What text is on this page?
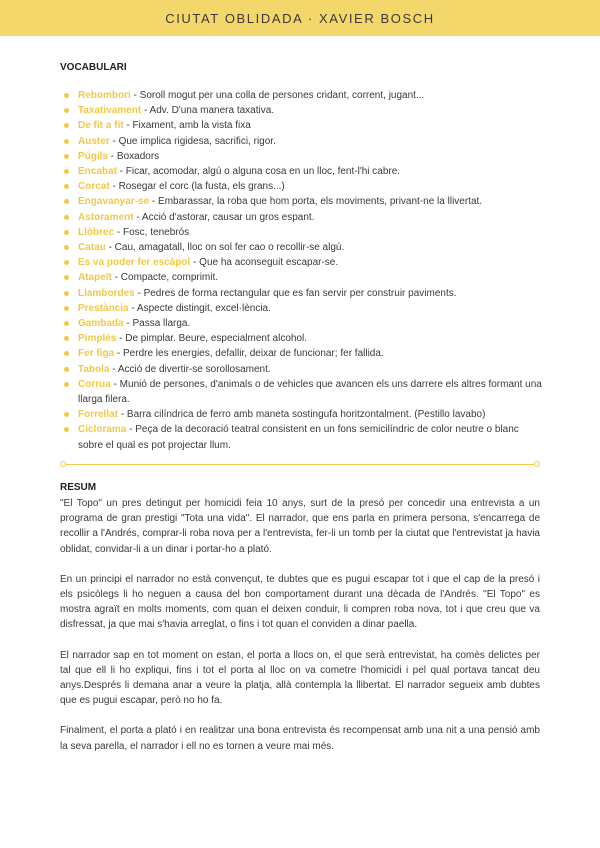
CIUTAT OBLIDADA · XAVIER BOSCH
VOCABULARI
Rebombori - Soroll mogut per una colla de persones cridant, corrent, jugant...
Taxativament - Adv. D'una manera taxativa.
De fit a fit - Fixament, amb la vista fixa
Auster - Que implica rigidesa, sacrifici, rigor.
Púgils - Boxadors
Encabat - Ficar, acomodar, algú o alguna cosa en un lloc, fent-l'hi cabre.
Corcat - Rosegar el corc (la fusta, els grans...)
Engavanyar-se - Embarassar, la roba que hom porta, els moviments, privant-ne la llivertat.
Astorament - Acció d'astorar, causar un gros espant.
Llòbrec - Fosc, tenebrós
Catau - Cau, amagatall, lloc on sol fer cao o recollir-se algú.
Es va poder fer escàpol - Que ha aconseguit escapar-se.
Atapeït - Compacte, comprimit.
Llambordes - Pedres de forma rectangular que es fan servir per construir paviments.
Prestància - Aspecte distingit, excel·lència.
Gambada - Passa llarga.
Pimplés - De pimplar. Beure, especialment alcohol.
Fer figa - Perdre les energies, defallir, deixar de funcionar; fer fallida.
Tabola - Acció de divertir-se sorollosament.
Corrua - Munió de persones, d'animals o de vehicles que avancen els uns darrere els altres formant una llarga filera.
Forrellat - Barra cilíndrica de ferro amb maneta sostingufa horitzontalment. (Pestillo lavabo)
Ciclorama - Peça de la decoració teatral consistent en un fons semicilíndric de color neutre o blanc sobre el qual es pot projectar llum.
RESUM

"El Topo" un pres detingut per homicidi feia 10 anys, surt de la presó per concedir una entrevista a un programa de gran prestigi "Tota una vida". El narrador, que ens parla en primera persona, s'encarrega de recollir a l'Andrés, comprar-li roba nova per a l'entrevista, fer-li un tomb per la ciutat que l'entrevistat ja havia oblidat, convidar-li a un dinar i portar-ho a plató.

En un principi el narrador no està convençut, te dubtes que es pugui escapar tot i que el cap de la presó i els psicòlegs li ho neguen a causa del bon comportament durant una dècada de l'Andrés. "El Topo" es mostra agraït en molts moments, com quan el deixen conduir, li compren roba nova, tot i que creu que va disfressat, ja que mai s'havia arreglat, o fins i tot quan el conviden a dinar paella.

El narrador sap en tot moment on estan, el porta a llocs on, el que serà entrevistat, ha comès delictes per tal que ell li ho expliqui, fins i tot el porta al lloc on va cometre l'homicidi i pel qual portava tancat deu anys.Després li demana anar a veure la platja, allà contempla la llibertat. El narrador segueix amb dubtes que es pugui escapar, però no ho fa.

Finalment, el porta a plató i en realitzar una bona entrevista és recompensat amb una nit a una pensió amb la seva parella, el narrador i ell no es tornen a veure mai més.
